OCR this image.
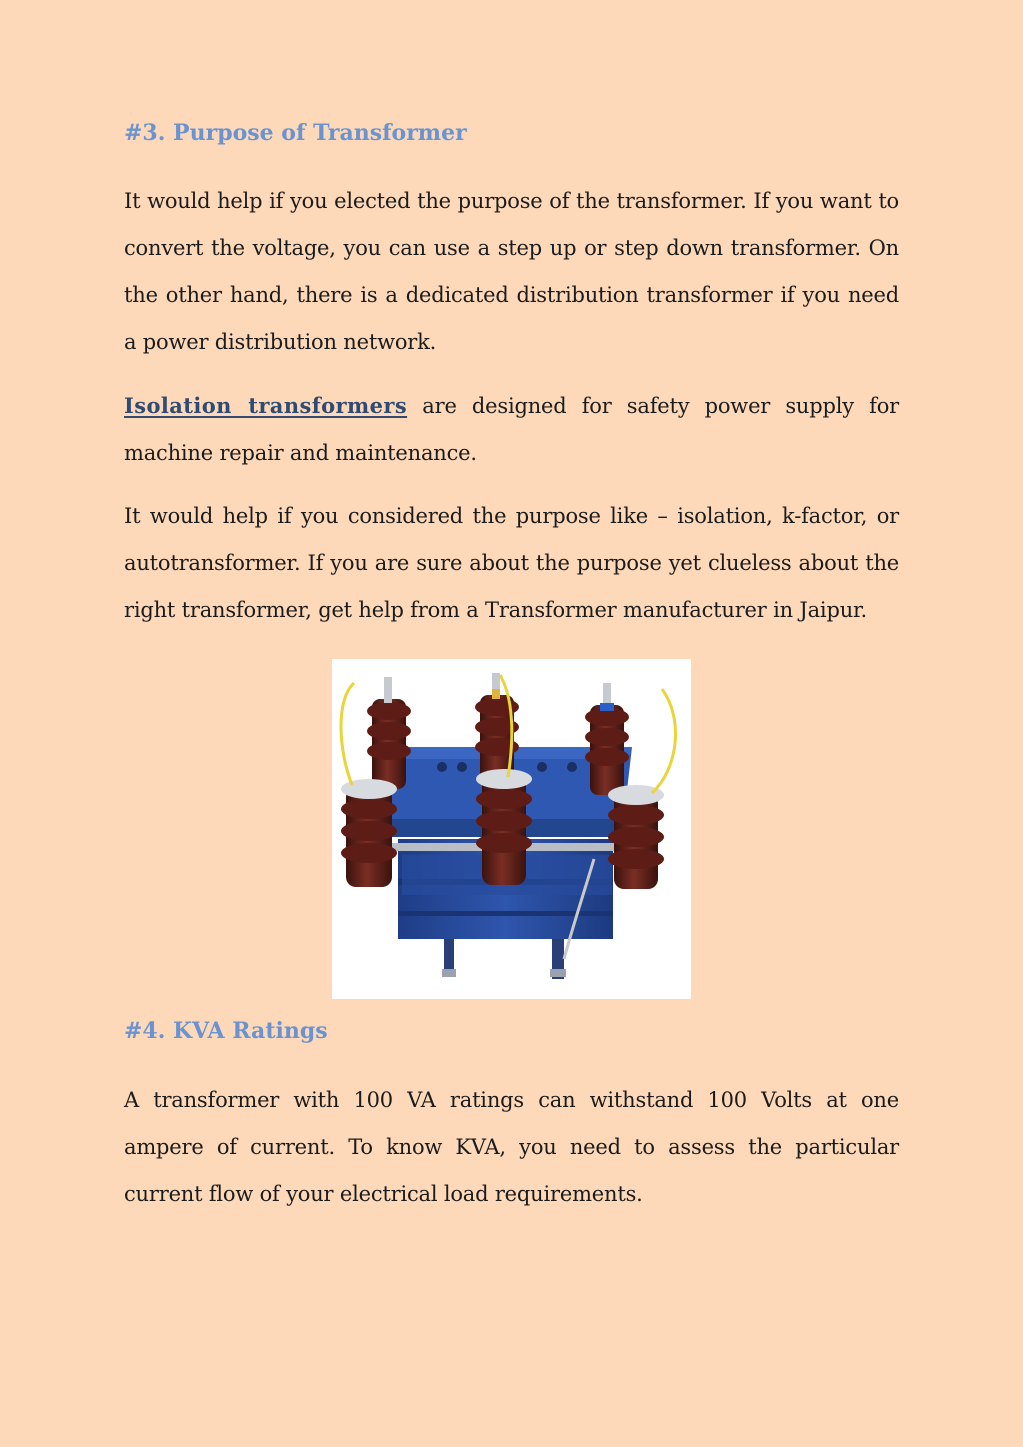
#3. Purpose of Transformer

It would help if you elected the purpose of the transformer. If you want to convert the voltage, you can use a step up or step down transformer. On the other hand, there is a dedicated distribution transformer if you need a power distribution network.

Isolation transformers are designed for safety power supply for machine repair and maintenance.

It would help if you considered the purpose like – isolation, k-factor, or autotransformer. If you are sure about the purpose yet clueless about the right transformer, get help from a Transformer manufacturer in Jaipur.

#4. KVA Ratings

A transformer with 100 VA ratings can withstand 100 Volts at one ampere of current. To know KVA, you need to assess the particular current flow of your electrical load requirements.
